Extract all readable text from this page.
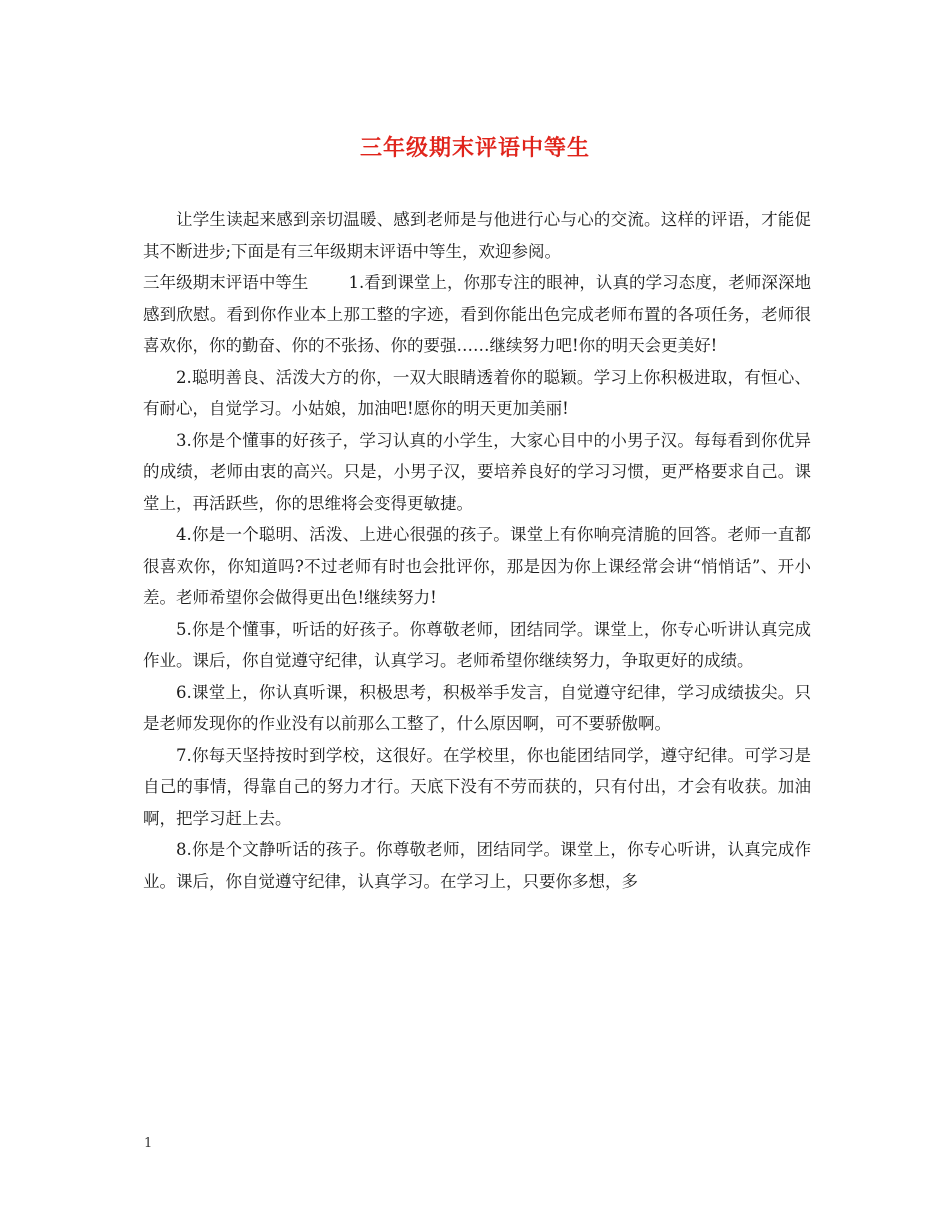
三年级期末评语中等生

让学生读起来感到亲切温暖、感到老师是与他进行心与心的交流。这样的评语，才能促其不断进步;下面是有三年级期末评语中等生，欢迎参阅。

三年级期末评语中等生 1.看到课堂上，你那专注的眼神，认真的学习态度，老师深深地感到欣慰。看到你作业本上那工整的字迹，看到你能出色完成老师布置的各项任务，老师很喜欢你，你的勤奋、你的不张扬、你的要强……继续努力吧!你的明天会更美好!

2.聪明善良、活泼大方的你，一双大眼睛透着你的聪颖。学习上你积极进取，有恒心、有耐心，自觉学习。小姑娘，加油吧!愿你的明天更加美丽!

3.你是个懂事的好孩子，学习认真的小学生，大家心目中的小男子汉。每每看到你优异的成绩，老师由衷的高兴。只是，小男子汉，要培养良好的学习习惯，更严格要求自己。课堂上，再活跃些，你的思维将会变得更敏捷。

4.你是一个聪明、活泼、上进心很强的孩子。课堂上有你响亮清脆的回答。老师一直都很喜欢你，你知道吗?不过老师有时也会批评你，那是因为你上课经常会讲“悄悄话”、开小差。老师希望你会做得更出色!继续努力!

5.你是个懂事，听话的好孩子。你尊敬老师，团结同学。课堂上，你专心听讲认真完成作业。课后，你自觉遵守纪律，认真学习。老师希望你继续努力，争取更好的成绩。

6.课堂上，你认真听课，积极思考，积极举手发言，自觉遵守纪律，学习成绩拔尖。只是老师发现你的作业没有以前那么工整了，什么原因啊，可不要骄傲啊。

7.你每天坚持按时到学校，这很好。在学校里，你也能团结同学，遵守纪律。可学习是自己的事情，得靠自己的努力才行。天底下没有不劳而获的，只有付出，才会有收获。加油啊，把学习赶上去。

8.你是个文静听话的孩子。你尊敬老师，团结同学。课堂上，你专心听讲，认真完成作业。课后，你自觉遵守纪律，认真学习。在学习上，只要你多想，多

1
